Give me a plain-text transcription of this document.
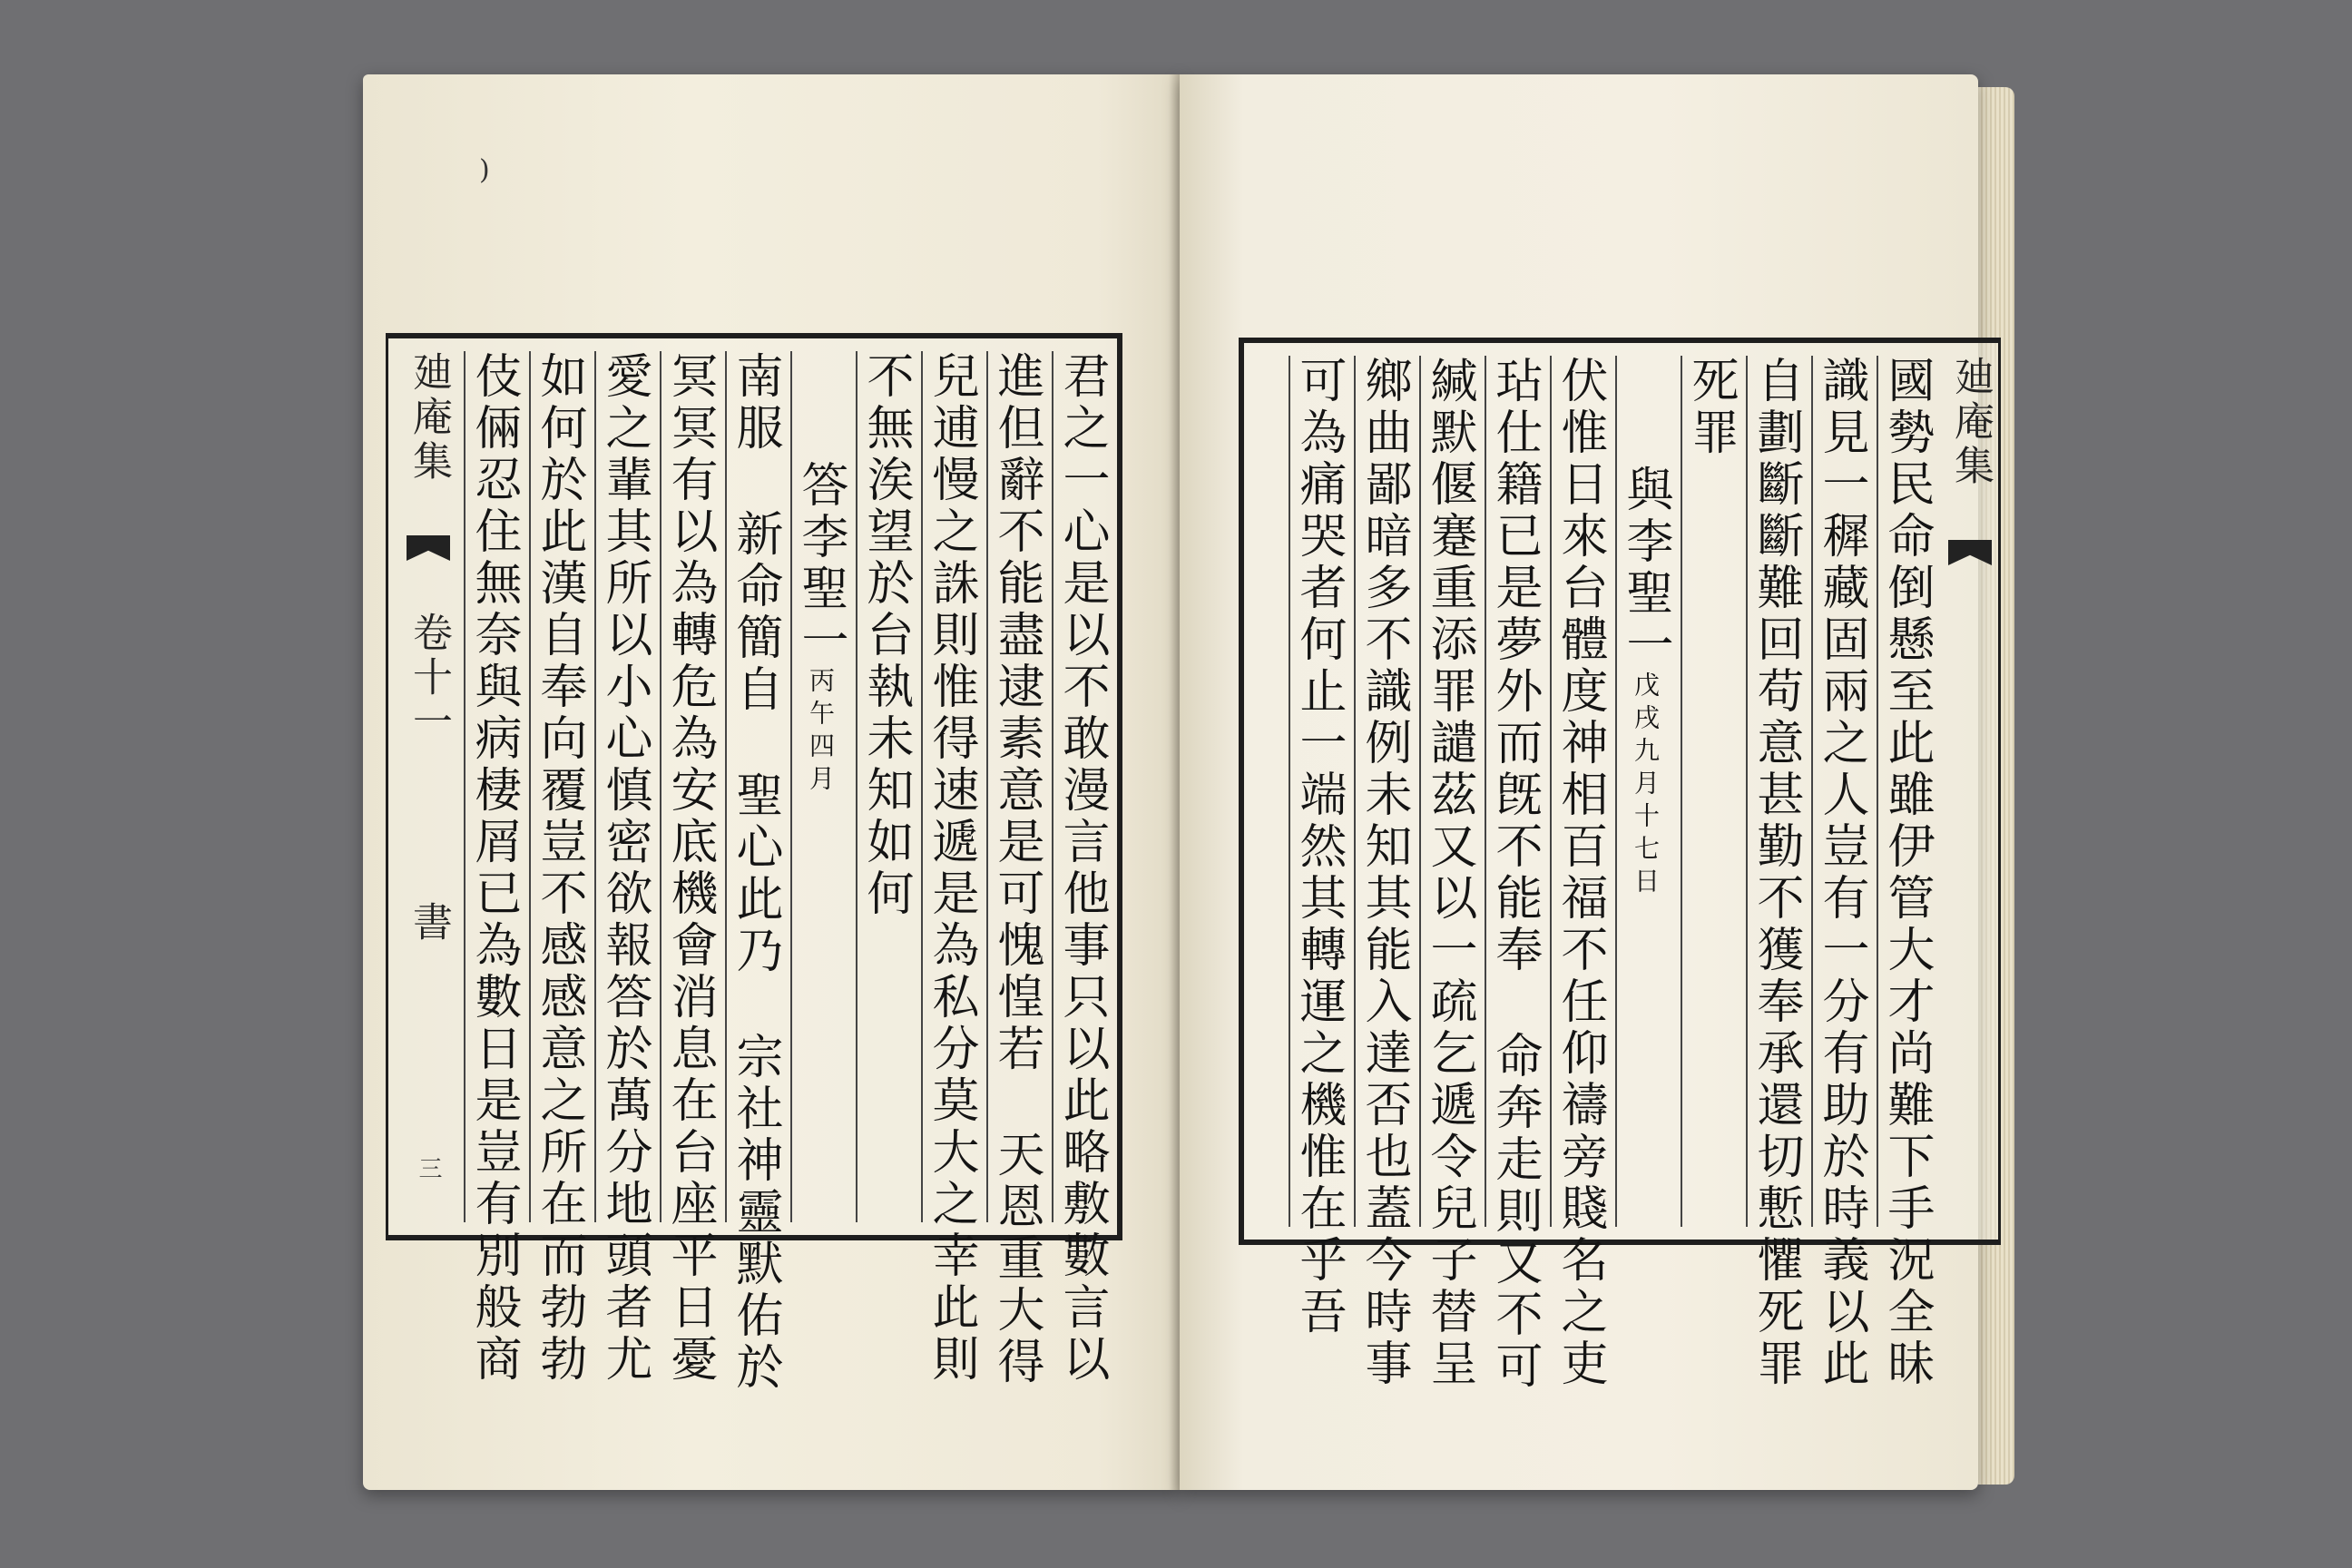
)
君之一心是以不敢漫言他事只以此略敷數言以
進但辭不能盡逮素意是可愧惶若天恩重大得
兒逋慢之誅則惟得速遞是為私分莫大之幸此則
不無涘望於台執未知如何
答李聖一丙午四月
南服新命簡自聖心此乃宗社神靈默佑於
冥冥有以為轉危為安底機會消息在台座平日憂
愛之輩其所以小心慎密欲報答於萬分地頭者尤
如何於此漢自奉向覆豈不感感意之所在而勃勃
伎倆忍住無奈與病棲屑已為數日是豈有別般商
廸庵集  卷十一  書  三
廸庵集
國勢民命倒懸至此雖伊管大才尚難下手況全昧
識見一穉藏固兩之人豈有一分有助於時義以此
自劃斷斷難回苟意甚勤不獲奉承還切慙懼死罪
死罪
與李聖一戊戌九月十七日
伏惟日來台體度神相百福不任仰禱旁賤名之吏
玷仕籍已是夢外而旣不能奉命奔走則又不可
緘默偃蹇重添罪譴茲又以一疏乞遞令兒子替呈
鄉曲鄙暗多不識例未知其能入達否也蓋今時事
可為痛哭者何止一端然其轉運之機惟在乎吾
